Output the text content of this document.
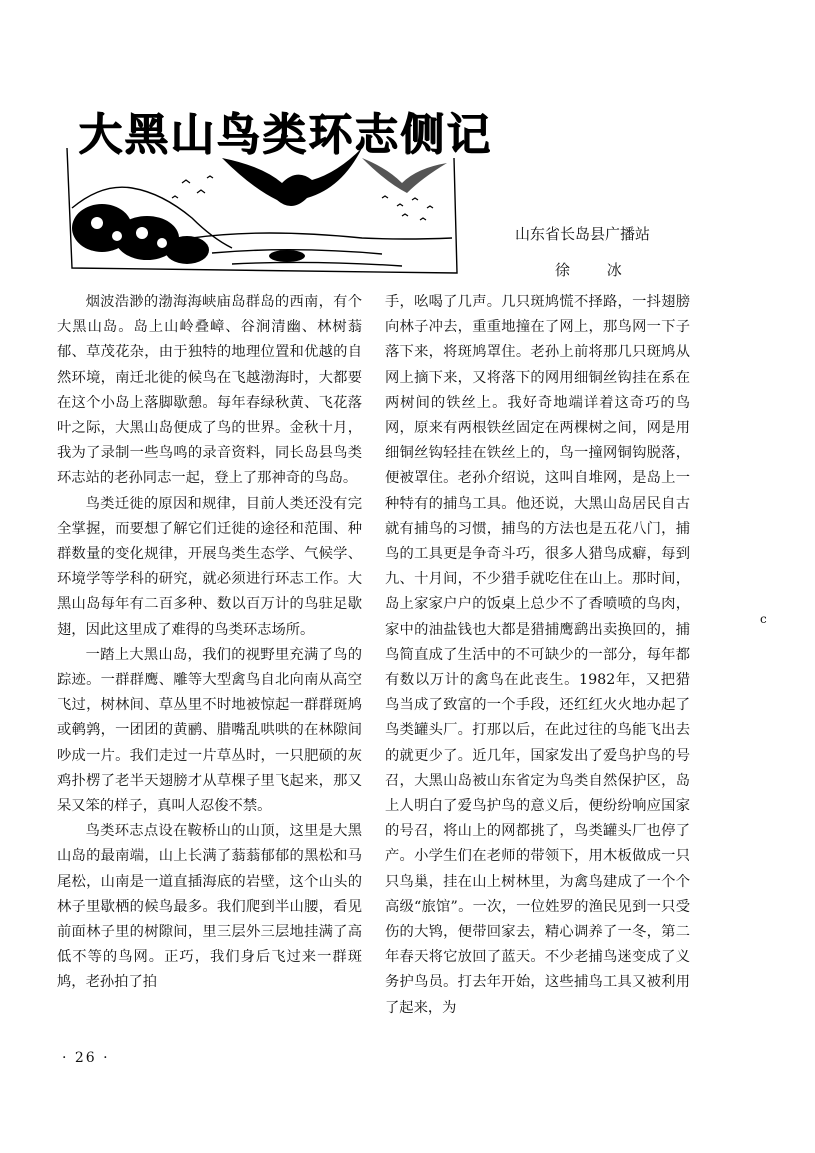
大黑山鸟类环志侧记
山东省长岛县广播站
徐 冰

烟波浩渺的渤海海峡庙岛群岛的西南，有个大黑山岛。岛上山岭叠嶂、谷涧清幽、林树蓊郁、草茂花杂，由于独特的地理位置和优越的自然环境，南迁北徙的候鸟在飞越渤海时，大都要在这个小岛上落脚歇憩。每年春绿秋黄、飞花落叶之际，大黑山岛便成了鸟的世界。金秋十月，我为了录制一些鸟鸣的录音资料，同长岛县鸟类环志站的老孙同志一起，登上了那神奇的鸟岛。

鸟类迁徙的原因和规律，目前人类还没有完全掌握，而要想了解它们迁徙的途径和范围、种群数量的变化规律，开展鸟类生态学、气候学、环境学等学科的研究，就必须进行环志工作。大黑山岛每年有二百多种、数以百万计的鸟驻足歇翅，因此这里成了难得的鸟类环志场所。

一踏上大黑山岛，我们的视野里充满了鸟的踪迹。一群群鹰、雕等大型禽鸟自北向南从高空飞过，树林间、草丛里不时地被惊起一群群斑鸠或鹌鹑，一团团的黄鹂、腊嘴乱哄哄的在林隙间吵成一片。我们走过一片草丛时，一只肥硕的灰鸡扑楞了老半天翅膀才从草棵子里飞起来，那又呆又笨的样子，真叫人忍俊不禁。

鸟类环志点设在鞍桥山的山顶，这里是大黑山岛的最南端，山上长满了蓊蓊郁郁的黑松和马尾松，山南是一道直插海底的岩壁，这个山头的林子里歇栖的候鸟最多。我们爬到半山腰，看见前面林子里的树隙间，里三层外三层地挂满了高低不等的鸟网。正巧，我们身后飞过来一群斑鸠，老孙拍了拍

手，吆喝了几声。几只斑鸠慌不择路，一抖翅膀向林子冲去，重重地撞在了网上，那鸟网一下子落下来，将斑鸠罩住。老孙上前将那几只斑鸠从网上摘下来，又将落下的网用细铜丝钩挂在系在两树间的铁丝上。我好奇地端详着这奇巧的鸟网，原来有两根铁丝固定在两棵树之间，网是用细铜丝钩轻挂在铁丝上的，鸟一撞网铜钩脱落，便被罩住。老孙介绍说，这叫自堆网，是岛上一种特有的捕鸟工具。他还说，大黑山岛居民自古就有捕鸟的习惯，捕鸟的方法也是五花八门，捕鸟的工具更是争奇斗巧，很多人猎鸟成癖，每到九、十月间，不少猎手就吃住在山上。那时间，岛上家家户户的饭桌上总少不了香喷喷的鸟肉，家中的油盐钱也大都是猎捕鹰鹞出卖换回的，捕鸟简直成了生活中的不可缺少的一部分，每年都有数以万计的禽鸟在此丧生。1982年，又把猎鸟当成了致富的一个手段，还红红火火地办起了鸟类罐头厂。打那以后，在此过往的鸟能飞出去的就更少了。近几年，国家发出了爱鸟护鸟的号召，大黑山岛被山东省定为鸟类自然保护区，岛上人明白了爱鸟护鸟的意义后，便纷纷响应国家的号召，将山上的网都挑了，鸟类罐头厂也停了产。小学生们在老师的带领下，用木板做成一只只鸟巢，挂在山上树林里，为禽鸟建成了一个个高级“旅馆”。一次，一位姓罗的渔民见到一只受伤的大鸨，便带回家去，精心调养了一冬，第二年春天将它放回了蓝天。不少老捕鸟迷变成了义务护鸟员。打去年开始，这些捕鸟工具又被利用了起来，为

c
· 26 ·
